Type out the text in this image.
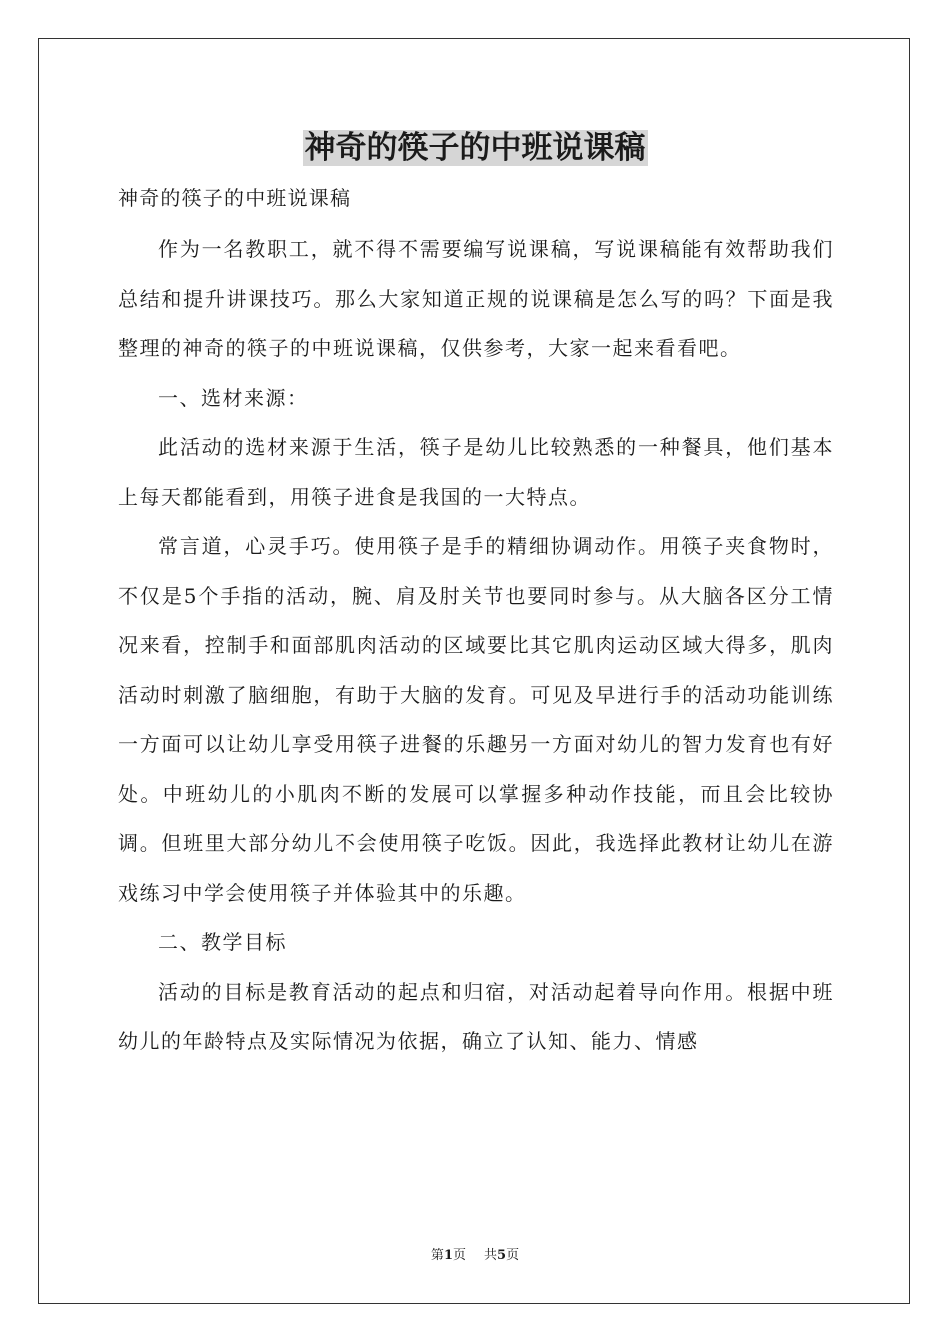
神奇的筷子的中班说课稿

神奇的筷子的中班说课稿

作为一名教职工，就不得不需要编写说课稿，写说课稿能有效帮助我们总结和提升讲课技巧。那么大家知道正规的说课稿是怎么写的吗？下面是我整理的神奇的筷子的中班说课稿，仅供参考，大家一起来看看吧。

一、选材来源：

此活动的选材来源于生活，筷子是幼儿比较熟悉的一种餐具，他们基本上每天都能看到，用筷子进食是我国的一大特点。

常言道，心灵手巧。使用筷子是手的精细协调动作。用筷子夹食物时，不仅是5个手指的活动，腕、肩及肘关节也要同时参与。从大脑各区分工情况来看，控制手和面部肌肉活动的区域要比其它肌肉运动区域大得多，肌肉活动时刺激了脑细胞，有助于大脑的发育。可见及早进行手的活动功能训练一方面可以让幼儿享受用筷子进餐的乐趣另一方面对幼儿的智力发育也有好处。中班幼儿的小肌肉不断的发展可以掌握多种动作技能，而且会比较协调。但班里大部分幼儿不会使用筷子吃饭。因此，我选择此教材让幼儿在游戏练习中学会使用筷子并体验其中的乐趣。

二、教学目标

活动的目标是教育活动的起点和归宿，对活动起着导向作用。根据中班幼儿的年龄特点及实际情况为依据，确立了认知、能力、情感

第1页 共5页
